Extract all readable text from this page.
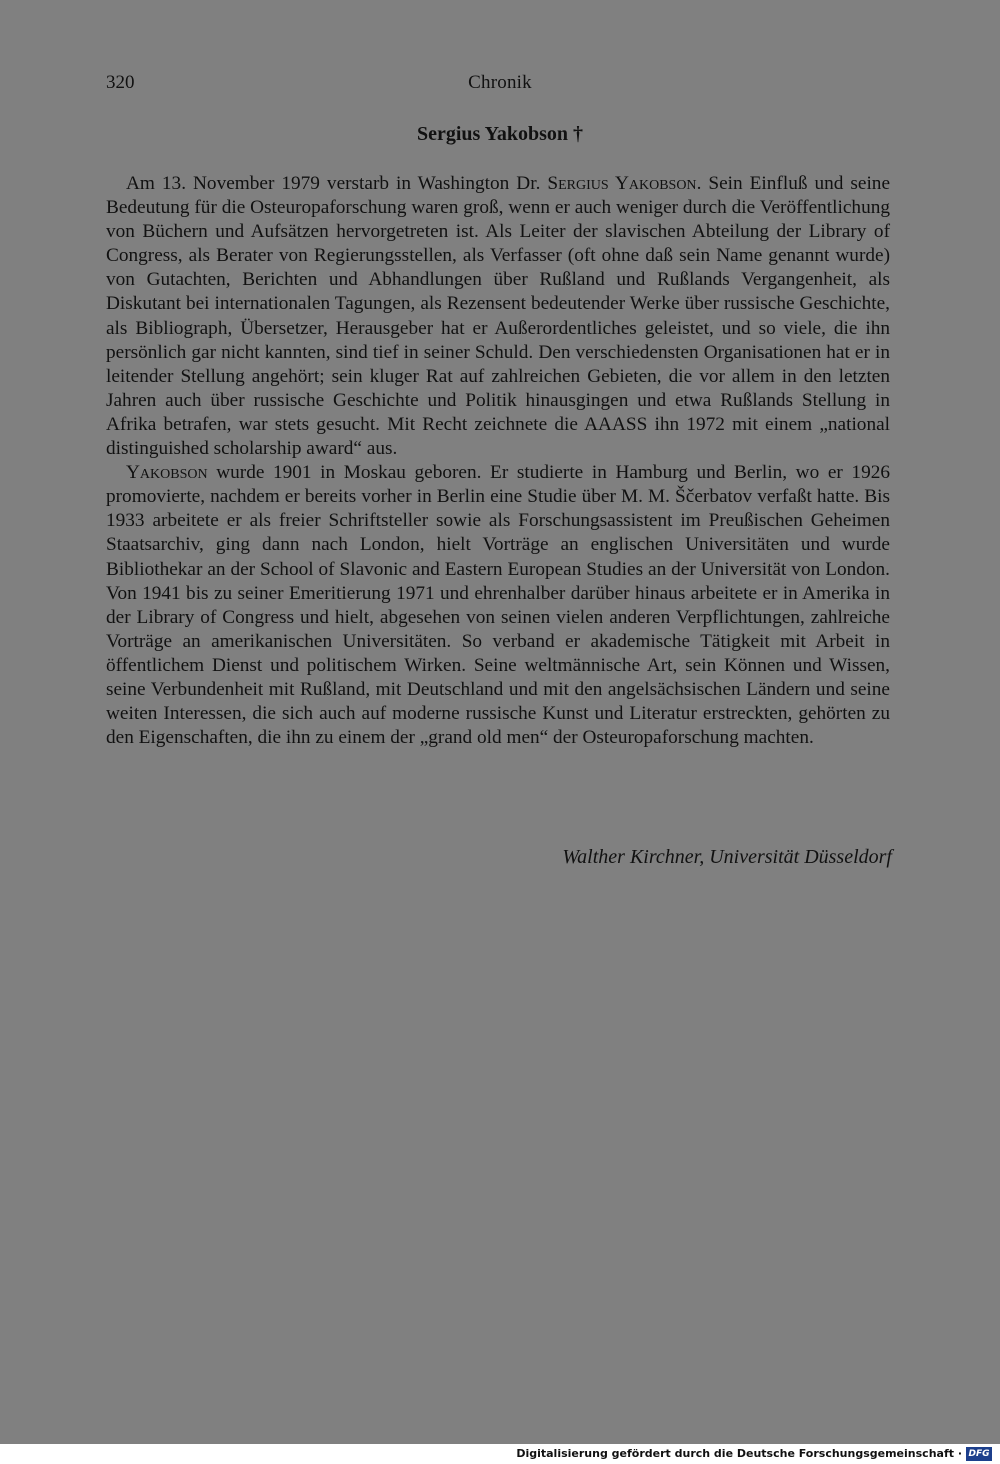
320	Chronik
Sergius Yakobson †

Am 13. November 1979 verstarb in Washington Dr. Sergius Yakobson. Sein Einfluß und seine Bedeutung für die Osteuropaforschung waren groß, wenn er auch weniger durch die Veröffentlichung von Büchern und Aufsätzen hervorgetreten ist. Als Leiter der slavischen Abteilung der Library of Congress, als Berater von Regierungsstellen, als Verfasser (oft ohne daß sein Name genannt wurde) von Gutachten, Berichten und Abhandlungen über Rußland und Rußlands Vergangenheit, als Diskutant bei internationalen Tagungen, als Rezensent bedeutender Werke über russische Geschichte, als Bibliograph, Übersetzer, Herausgeber hat er Außerordentliches geleistet, und so viele, die ihn persönlich gar nicht kannten, sind tief in seiner Schuld. Den verschiedensten Organisationen hat er in leitender Stellung angehört; sein kluger Rat auf zahlreichen Gebieten, die vor allem in den letzten Jahren auch über russische Geschichte und Politik hinausgingen und etwa Rußlands Stellung in Afrika betrafen, war stets gesucht. Mit Recht zeichnete die AAASS ihn 1972 mit einem „national distinguished scholarship award“ aus.

Yakobson wurde 1901 in Moskau geboren. Er studierte in Hamburg und Berlin, wo er 1926 promovierte, nachdem er bereits vorher in Berlin eine Studie über M. M. Ščerbatov verfaßt hatte. Bis 1933 arbeitete er als freier Schriftsteller sowie als Forschungsassistent im Preußischen Geheimen Staatsarchiv, ging dann nach London, hielt Vorträge an englischen Universitäten und wurde Bibliothekar an der School of Slavonic and Eastern European Studies an der Universität von London. Von 1941 bis zu seiner Emeritierung 1971 und ehrenhalber darüber hinaus arbeitete er in Amerika in der Library of Congress und hielt, abgesehen von seinen vielen anderen Verpflichtungen, zahlreiche Vorträge an amerikanischen Universitäten. So verband er akademische Tätigkeit mit Arbeit in öffentlichem Dienst und politischem Wirken. Seine weltmännische Art, sein Können und Wissen, seine Verbundenheit mit Rußland, mit Deutschland und mit den angelsächsischen Ländern und seine weiten Interessen, die sich auch auf moderne russische Kunst und Literatur erstreckten, gehörten zu den Eigenschaften, die ihn zu einem der „grand old men“ der Osteuropaforschung machten.

Walther Kirchner, Universität Düsseldorf
Digitalisierung gefördert durch die Deutsche Forschungsgemeinschaft · DFG
